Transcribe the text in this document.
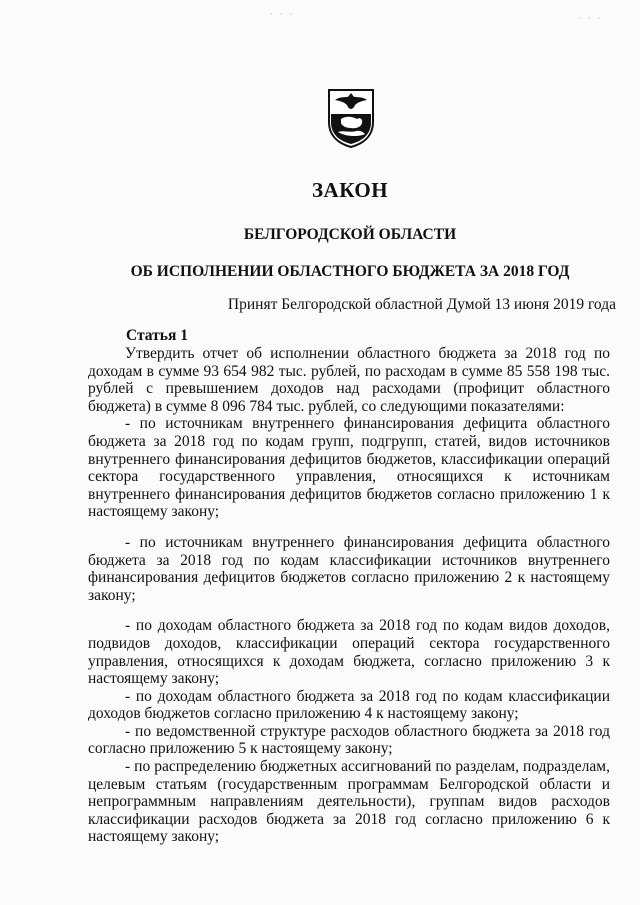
· · ·	· · ·
ЗАКОН
БЕЛГОРОДСКОЙ ОБЛАСТИ
ОБ ИСПОЛНЕНИИ ОБЛАСТНОГО БЮДЖЕТА ЗА 2018 ГОД

Принят Белгородской областной Думой 13 июня 2019 года

Статья 1

Утвердить отчет об исполнении областного бюджета за 2018 год по доходам в сумме 93 654 982 тыс. рублей, по расходам в сумме 85 558 198 тыс. рублей с превышением доходов над расходами (профицит областного бюджета) в сумме 8 096 784 тыс. рублей, со следующими показателями:

- по источникам внутреннего финансирования дефицита областного бюджета за 2018 год по кодам групп, подгрупп, статей, видов источников внутреннего финансирования дефицитов бюджетов, классификации операций сектора государственного управления, относящихся к источникам внутреннего финансирования дефицитов бюджетов согласно приложению 1 к настоящему закону;

- по источникам внутреннего финансирования дефицита областного бюджета за 2018 год по кодам классификации источников внутреннего финансирования дефицитов бюджетов согласно приложению 2 к настоящему закону;

- по доходам областного бюджета за 2018 год по кодам видов доходов, подвидов доходов, классификации операций сектора государственного управления, относящихся к доходам бюджета, согласно приложению 3 к настоящему закону;

- по доходам областного бюджета за 2018 год по кодам классификации доходов бюджетов согласно приложению 4 к настоящему закону;

- по ведомственной структуре расходов областного бюджета за 2018 год согласно приложению 5 к настоящему закону;

- по распределению бюджетных ассигнований по разделам, подразделам, целевым статьям (государственным программам Белгородской области и непрограммным направлениям деятельности), группам видов расходов классификации расходов бюджета за 2018 год согласно приложению 6 к настоящему закону;
